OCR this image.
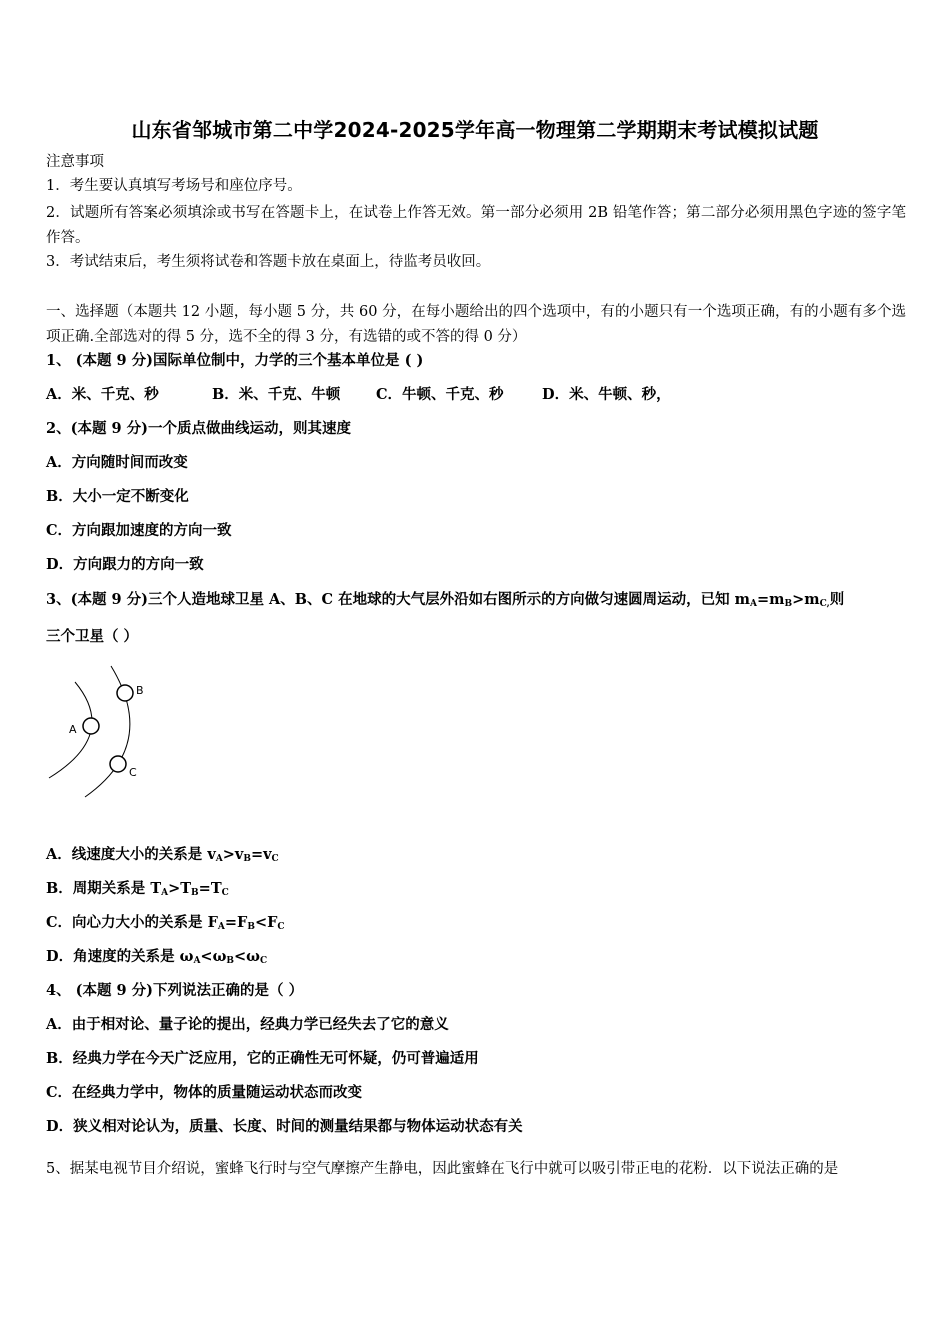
山东省邹城市第二中学2024-2025学年高一物理第二学期期末考试模拟试题
注意事项
1．考生要认真填写考场号和座位序号。
2．试题所有答案必须填涂或书写在答题卡上，在试卷上作答无效。第一部分必须用 2B 铅笔作答；第二部分必须用黑色字迹的签字笔作答。
3．考试结束后，考生须将试卷和答题卡放在桌面上，待监考员收回。
一、选择题（本题共 12 小题，每小题 5 分，共 60 分，在每小题给出的四个选项中，有的小题只有一个选项正确，有的小题有多个选项正确.全部选对的得 5 分，选不全的得 3 分，有选错的或不答的得 0 分）
1、 (本题 9 分)国际单位制中，力学的三个基本单位是 ( )
A．米、千克、秒	B．米、千克、牛顿 C．牛顿、千克、秒	D．米、牛顿、秒，
2、(本题 9 分)一个质点做曲线运动，则其速度
A．方向随时间而改变
B．大小一定不断变化
C．方向跟加速度的方向一致
D．方向跟力的方向一致
3、(本题 9 分)三个人造地球卫星 A、B、C 在地球的大气层外沿如右图所示的方向做匀速圆周运动，已知 $m_A=m_B>m_{C,}$则
三个卫星（ ）
A
B
C
A．线速度大小的关系是 $v_A>v_B=v_C$
B．周期关系是 $T_A>T_B=T_C$
C．向心力大小的关系是 $F_A=F_B<F_C$
D．角速度的关系是 $\omega_A<\omega_B<\omega_C$
4、 (本题 9 分)下列说法正确的是（ ）
A．由于相对论、量子论的提出，经典力学已经失去了它的意义
B．经典力学在今天广泛应用，它的正确性无可怀疑，仍可普遍适用
C．在经典力学中，物体的质量随运动状态而改变
D．狭义相对论认为，质量、长度、时间的测量结果都与物体运动状态有关
5、据某电视节目介绍说，蜜蜂飞行时与空气摩擦产生静电，因此蜜蜂在飞行中就可以吸引带正电的花粉．以下说法正确的是
